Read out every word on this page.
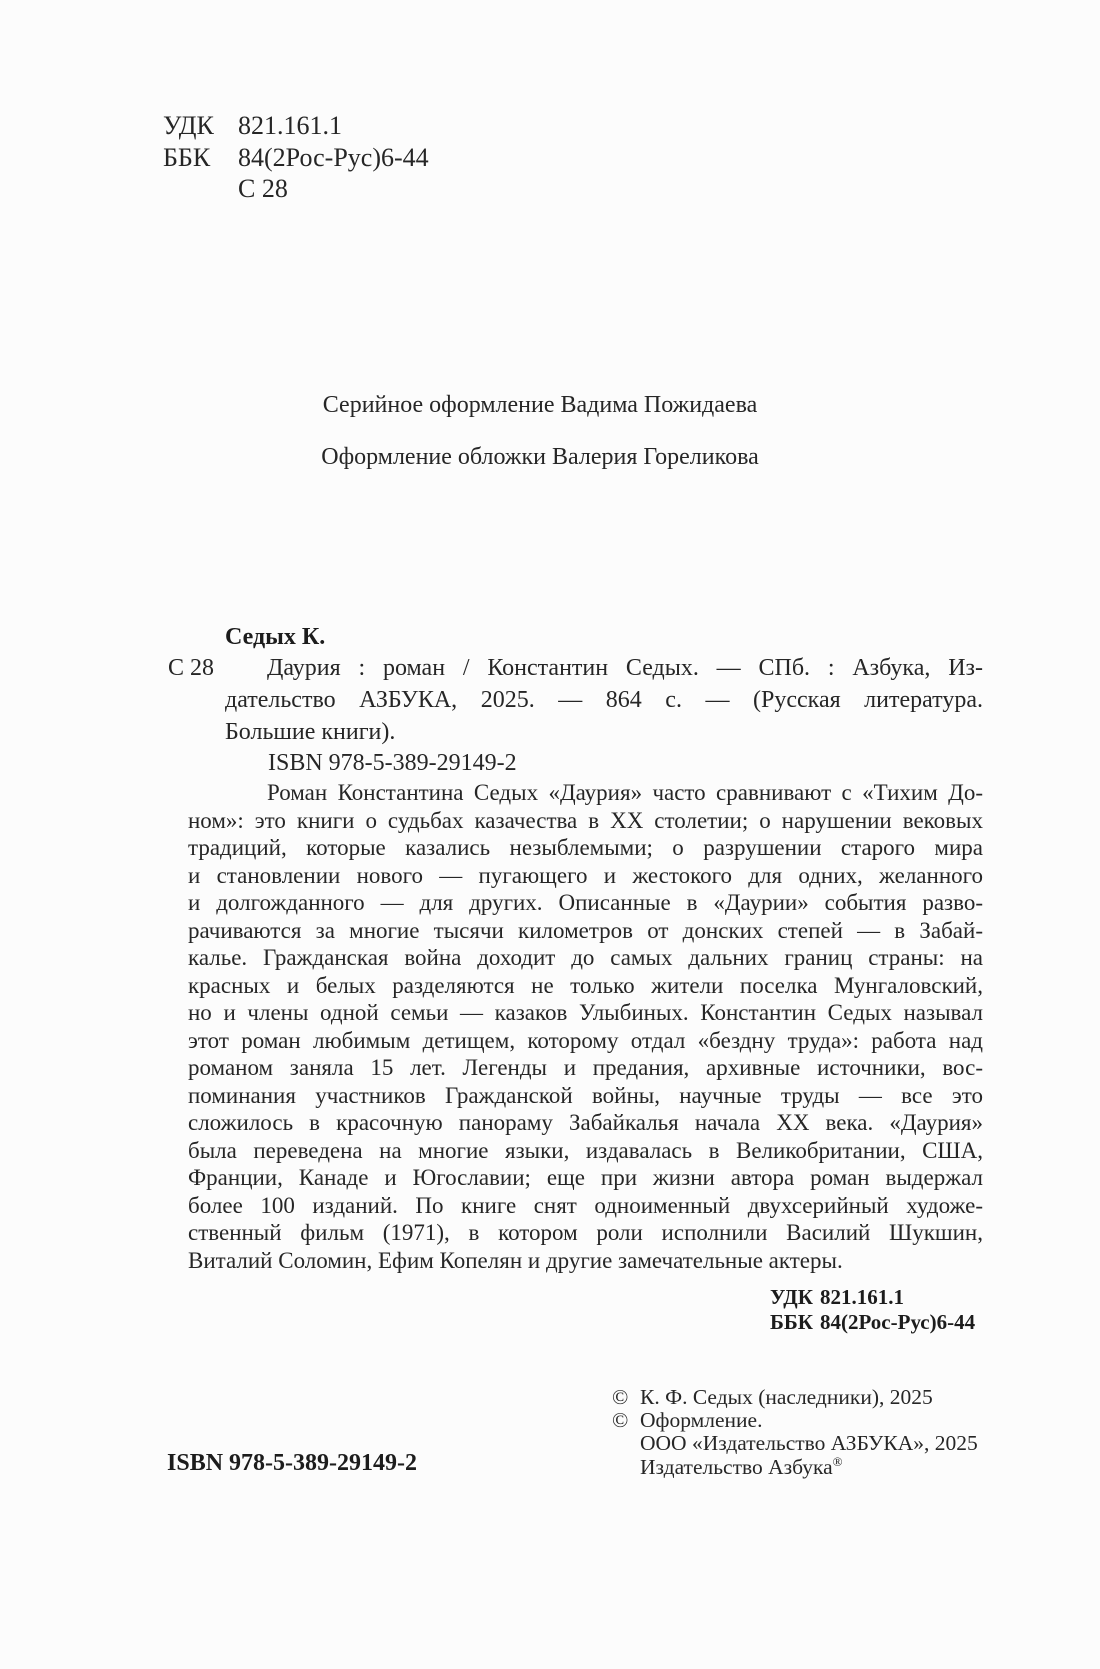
УДК 821.161.1
ББК	84(2Рос-Рус)6-44
С 28
Серийное оформление Вадима Пожидаева
Оформление обложки Валерия Гореликова
Седых К.
С 28	Даурия : роман / Константин Седых. — СПб. : Азбука, Из-
дательство АЗБУКА, 2025. — 864 с. — (Русская литература.
Большие книги).
ISBN 978-5-389-29149-2
Роман Константина Седых «Даурия» часто сравнивают с «Тихим До-
ном»: это книги о судьбах казачества в XX столетии; о нарушении вековых
традиций, которые казались незыблемыми; о разрушении старого мира
и становлении нового — пугающего и жестокого для одних, желанного
и долгожданного — для других. Описанные в «Даурии» события разво-
рачиваются за многие тысячи километров от донских степей — в Забай-
калье. Гражданская война доходит до самых дальних границ страны: на
красных и белых разделяются не только жители поселка Мунгаловский,
но и члены одной семьи — казаков Улыбиных. Константин Седых называл
этот роман любимым детищем, которому отдал «бездну труда»: работа над
романом заняла 15 лет. Легенды и предания, архивные источники, вос-
поминания участников Гражданской войны, научные труды — все это
сложилось в красочную панораму Забайкалья начала XX века. «Даурия»
была переведена на многие языки, издавалась в Великобритании, США,
Франции, Канаде и Югославии; еще при жизни автора роман выдержал
более 100 изданий. По книге снят одноименный двухсерийный художе-
ственный фильм (1971), в котором роли исполнили Василий Шукшин,
Виталий Соломин, Ефим Копелян и другие замечательные актеры.
УДК 821.161.1
ББК 84(2Рос-Рус)6-44
© К. Ф. Седых (наследники), 2025
© Оформление.
ООО «Издательство АЗБУКА», 2025
Издательство Азбука®
ISBN 978-5-389-29149-2
